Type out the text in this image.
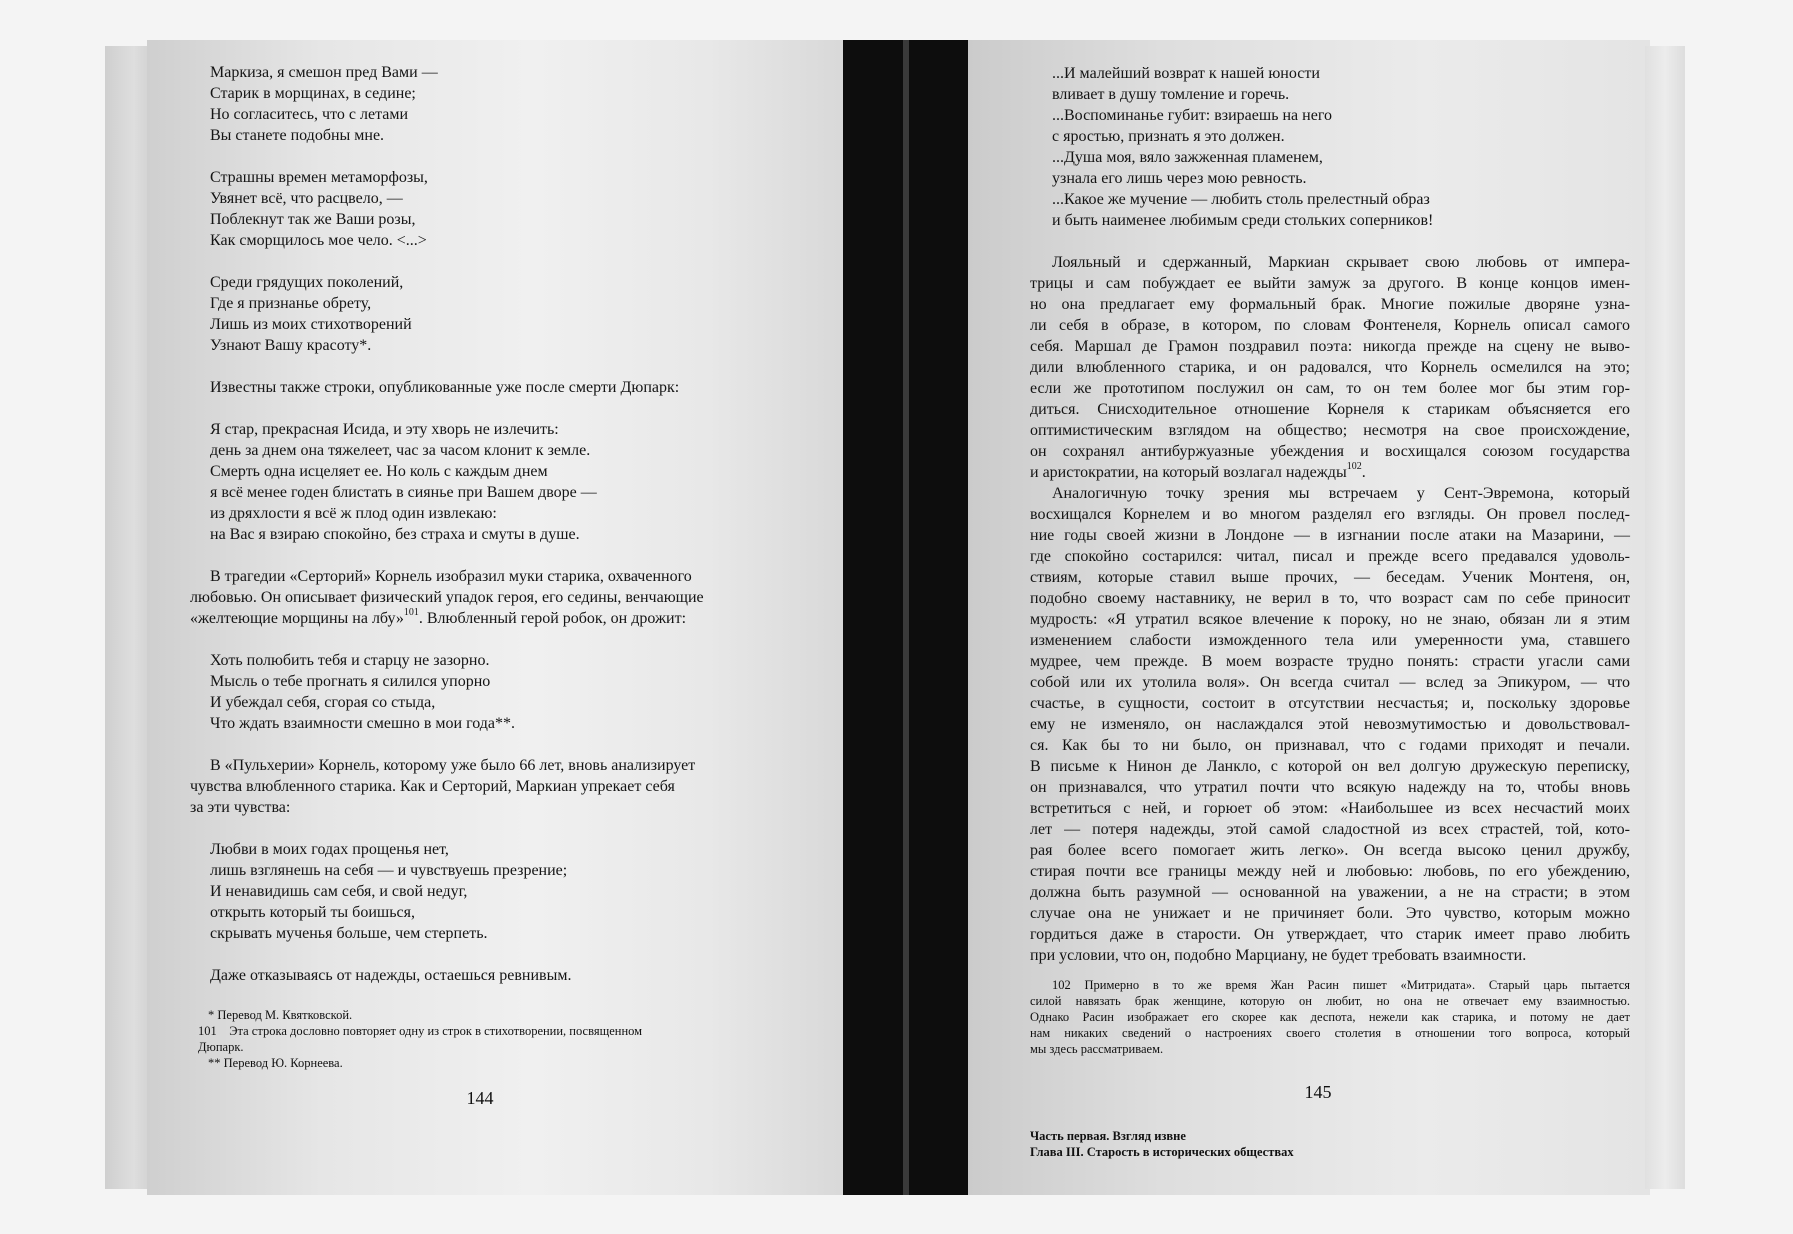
Маркиза, я смешон пред Вами —
Старик в морщинах, в седине;
Но согласитесь, что с летами
Вы станете подобны мне.
Страшны времен метаморфозы,
Увянет всё, что расцвело, —
Поблекнут так же Ваши розы,
Как сморщилось мое чело. <...>
Среди грядущих поколений,
Где я признанье обрету,
Лишь из моих стихотворений
Узнают Вашу красоту*.
Известны также строки, опубликованные уже после смерти Дюпарк:
Я стар, прекрасная Исида, и эту хворь не излечить:
день за днем она тяжелеет, час за часом клонит к земле.
Смерть одна исцеляет ее. Но коль с каждым днем
я всё менее годен блистать в сиянье при Вашем дворе —
из дряхлости я всё ж плод один извлекаю:
на Вас я взираю спокойно, без страха и смуты в душе.
В трагедии «Серторий» Корнель изобразил муки старика, охваченного
любовью. Он описывает физический упадок героя, его седины, венчающие
«желтеющие морщины на лбу»$^{101}$. Влюбленный герой робок, он дрожит:
Хоть полюбить тебя и старцу не зазорно.
Мысль о тебе прогнать я силился упорно
И убеждал себя, сгорая со стыда,
Что ждать взаимности смешно в мои года**.
В «Пульхерии» Корнель, которому уже было 66 лет, вновь анализирует
чувства влюбленного старика. Как и Серторий, Маркиан упрекает себя
за эти чувства:
Любви в моих годах прощенья нет,
лишь взглянешь на себя — и чувствуешь презрение;
И ненавидишь сам себя, и свой недуг,
открыть который ты боишься,
скрывать мученья больше, чем стерпеть.
Даже отказываясь от надежды, остаешься ревнивым.
* Перевод М. Квятковской.
101    Эта строка дословно повторяет одну из строк в стихотворении, посвященном
Дюпарк.
** Перевод Ю. Корнеева.
144
...И малейший возврат к нашей юности
вливает в душу томление и горечь.
...Воспоминанье губит: взираешь на него
с яростью, признать я это должен.
...Душа моя, вяло зажженная пламенем,
узнала его лишь через мою ревность.
...Какое же мучение — любить столь прелестный образ
и быть наименее любимым среди стольких соперников!
Лояльный и сдержанный, Маркиан скрывает свою любовь от импера-
трицы и сам побуждает ее выйти замуж за другого. В конце концов имен-
но она предлагает ему формальный брак. Многие пожилые дворяне узна-
ли себя в образе, в котором, по словам Фонтенеля, Корнель описал самого
себя. Маршал де Грамон поздравил поэта: никогда прежде на сцену не выво-
дили влюбленного старика, и он радовался, что Корнель осмелился на это;
если же прототипом послужил он сам, то он тем более мог бы этим гор-
диться. Снисходительное отношение Корнеля к старикам объясняется его
оптимистическим взглядом на общество; несмотря на свое происхождение,
он сохранял антибуржуазные убеждения и восхищался союзом государства
и аристократии, на который возлагал надежды$^{102}$.
Аналогичную точку зрения мы встречаем у Сент-Эвремона, который
восхищался Корнелем и во многом разделял его взгляды. Он провел послед-
ние годы своей жизни в Лондоне — в изгнании после атаки на Мазарини, —
где спокойно состарился: читал, писал и прежде всего предавался удоволь-
ствиям, которые ставил выше прочих, — беседам. Ученик Монтеня, он,
подобно своему наставнику, не верил в то, что возраст сам по себе приносит
мудрость: «Я утратил всякое влечение к пороку, но не знаю, обязан ли я этим
изменением слабости изможденного тела или умеренности ума, ставшего
мудрее, чем прежде. В моем возрасте трудно понять: страсти угасли сами
собой или их утолила воля». Он всегда считал — вслед за Эпикуром, — что
счастье, в сущности, состоит в отсутствии несчастья; и, поскольку здоровье
ему не изменяло, он наслаждался этой невозмутимостью и довольствовал-
ся. Как бы то ни было, он признавал, что с годами приходят и печали.
В письме к Нинон де Ланкло, с которой он вел долгую дружескую переписку,
он признавался, что утратил почти что всякую надежду на то, чтобы вновь
встретиться с ней, и горюет об этом: «Наибольшее из всех несчастий моих
лет — потеря надежды, этой самой сладостной из всех страстей, той, кото-
рая более всего помогает жить легко». Он всегда высоко ценил дружбу,
стирая почти все границы между ней и любовью: любовь, по его убеждению,
должна быть разумной — основанной на уважении, а не на страсти; в этом
случае она не унижает и не причиняет боли. Это чувство, которым можно
гордиться даже в старости. Он утверждает, что старик имеет право любить
при условии, что он, подобно Марциану, не будет требовать взаимности.
102 Примерно в то же время Жан Расин пишет «Митридата». Старый царь пытается
силой навязать брак женщине, которую он любит, но она не отвечает ему взаимностью.
Однако Расин изображает его скорее как деспота, нежели как старика, и потому не дает
нам никаких сведений о настроениях своего столетия в отношении того вопроса, который
мы здесь рассматриваем.
145
Часть первая. Взгляд извне
Глава III. Старость в исторических обществах
